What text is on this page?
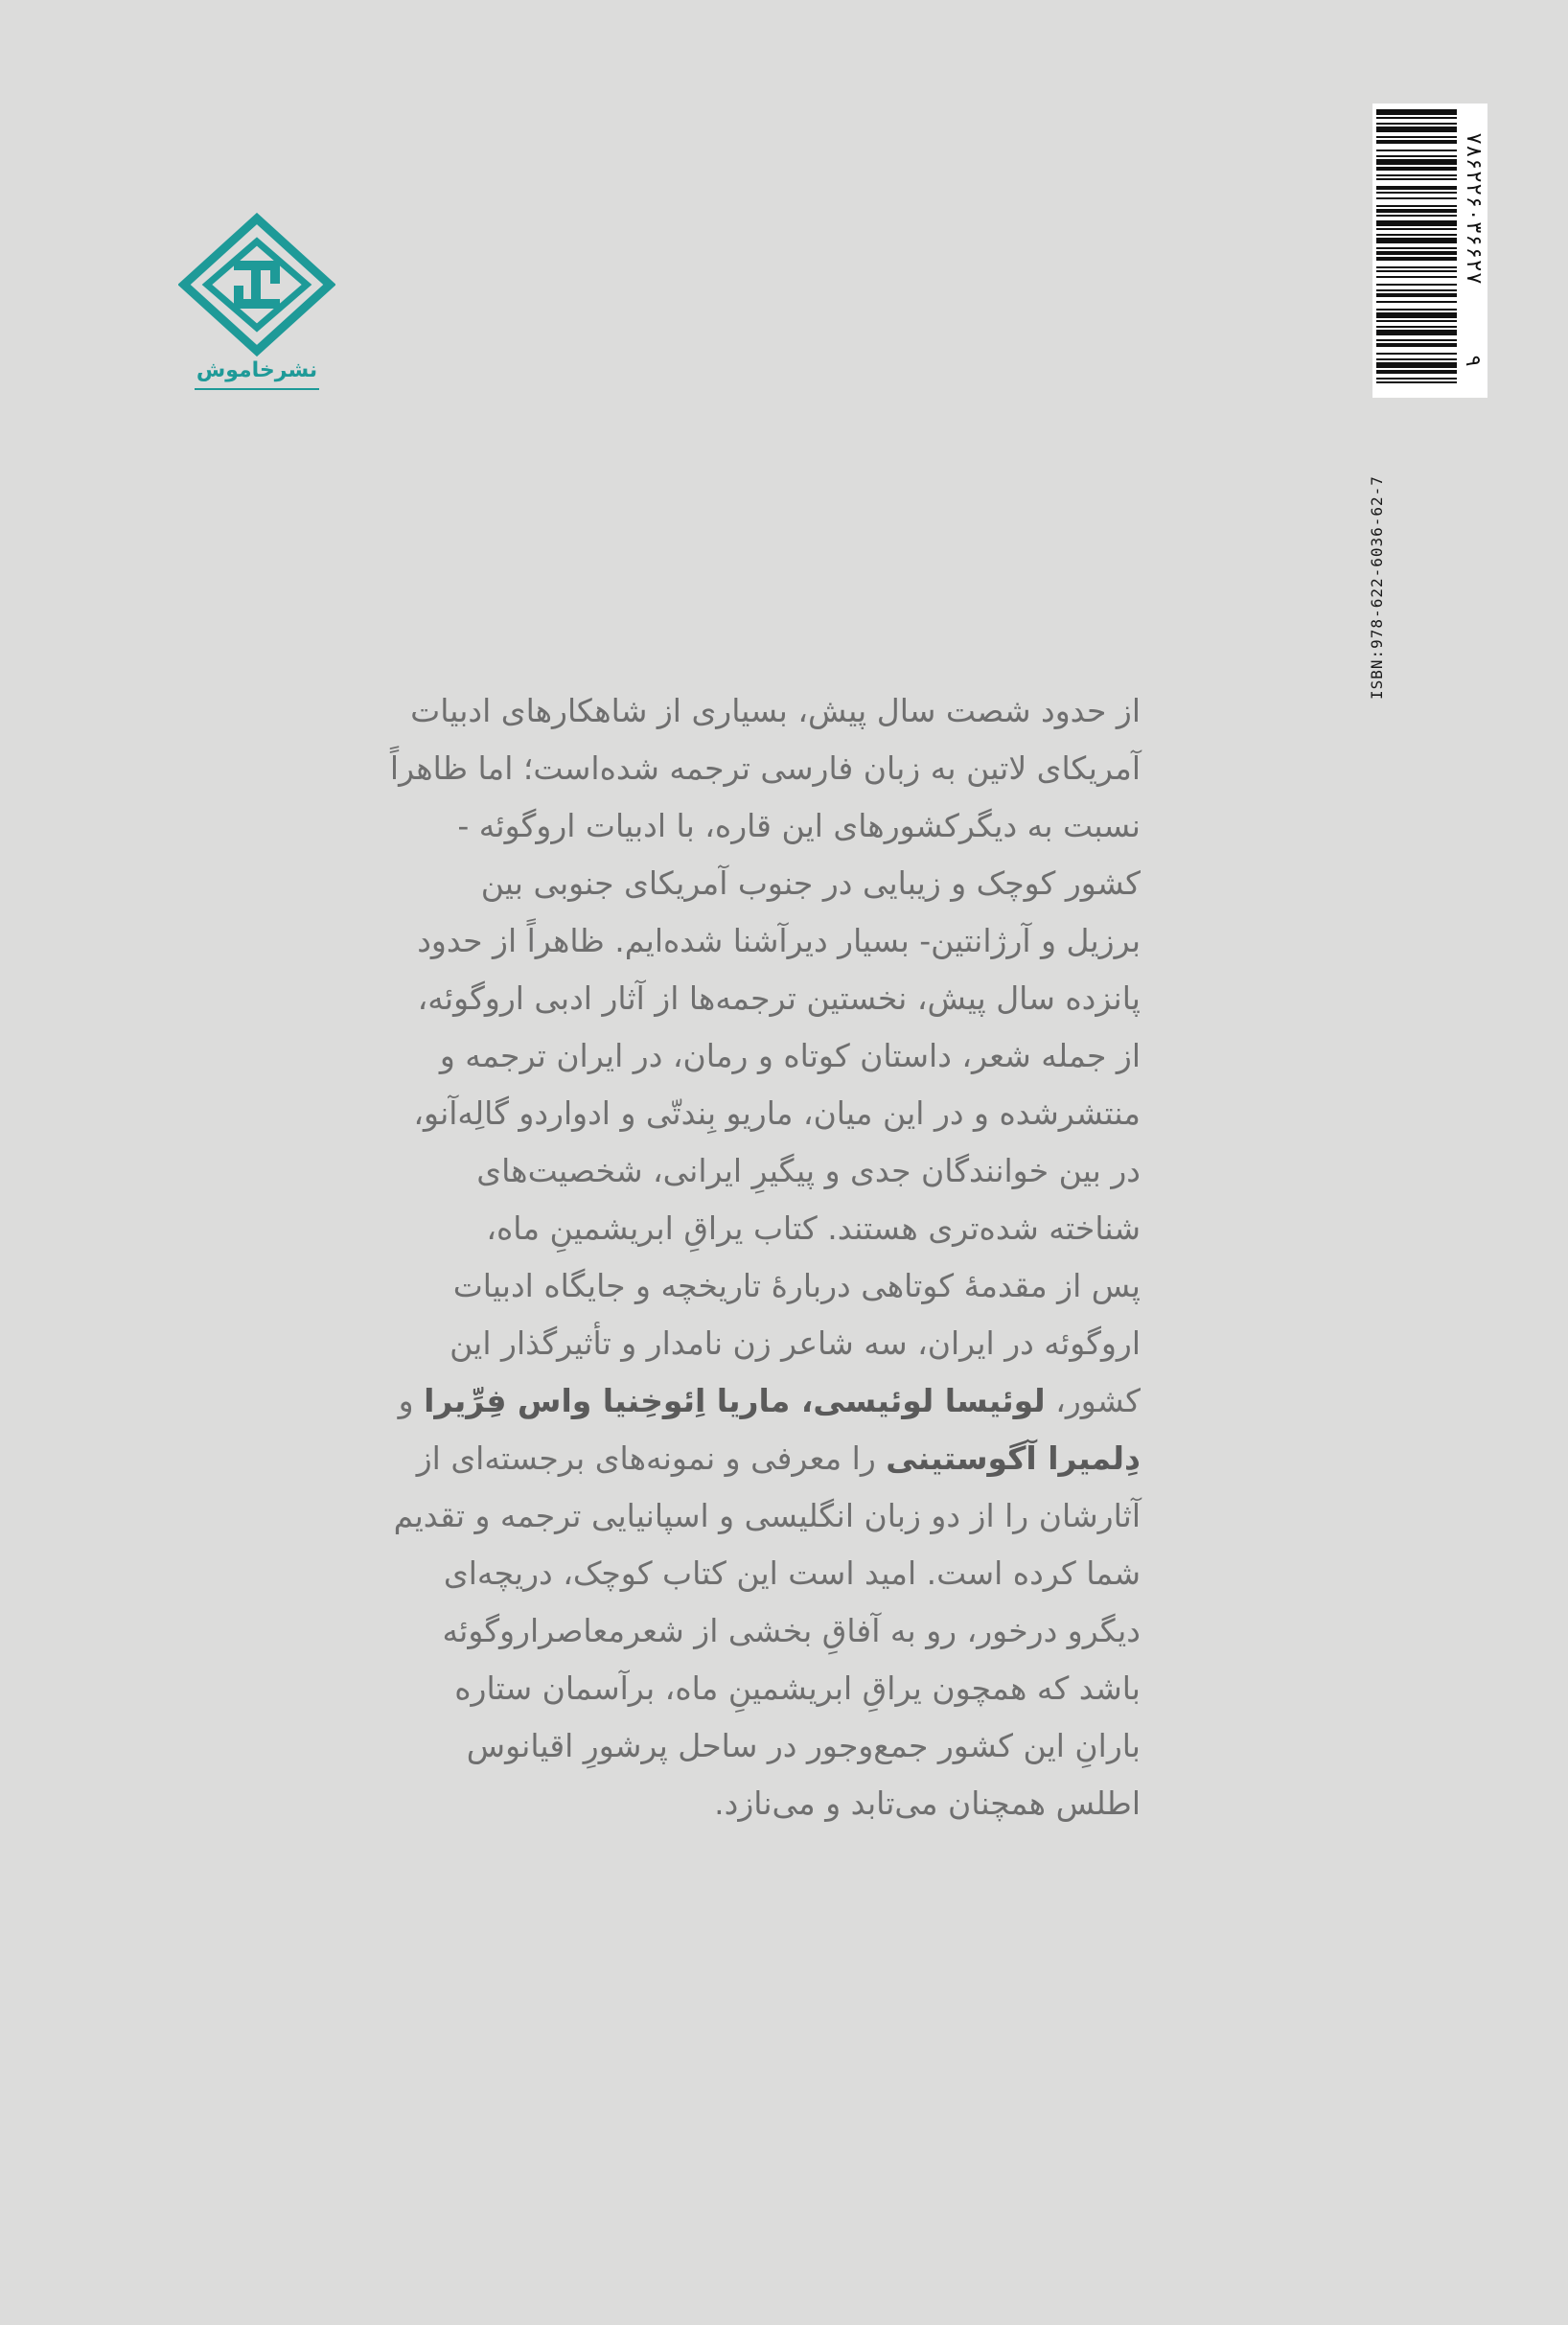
نشرخاموش
۷۸۶۲۲۶۰۳۶۶۲۷
۹
ISBN:978-622-6036-62-7
از حدود شصت سال پیش، بسیاری از شاهکارهای ادبیات
آمریکای لاتین به زبان فارسی ترجمه شده‌است؛ اما ظاهراً
نسبت به دیگرکشورهای این قاره، با ادبیات اروگوئه -
کشور کوچک و زیبایی در جنوب آمریکای جنوبی بین
برزیل و آرژانتین- بسیار دیرآشنا شده‌ایم. ظاهراً از حدود
پانزده سال پیش، نخستین ترجمه‌ها از آثار ادبی اروگوئه،
از جمله شعر، داستان کوتاه و رمان، در ایران ترجمه و
منتشرشده و در این میان، ماریو بِندتّی و ادواردو گالِه‌آنو،
در بین خوانندگان جدی و پیگیرِ ایرانی، شخصیت‌های
شناخته شده‌تری هستند. کتاب یراقِ ابریشمینِ ماه،
پس از مقدمهٔ کوتاهی دربارهٔ تاریخچه و جایگاه ادبیات
اروگوئه در ایران، سه شاعر زن نامدار و تأثیرگذار این
کشور، لوئیسا لوئیسی، ماریا اِئوخِنیا واس فِرِّیرا و
دِلمیرا آگوستینی را معرفی و نمونه‌های برجسته‌ای از
آثارشان را از دو زبان انگلیسی و اسپانیایی ترجمه و تقدیم
شما کرده است. امید است این کتاب کوچک، دریچه‌ای
دیگرو درخور، رو به آفاقِ بخشی از شعرمعاصراروگوئه
باشد که همچون یراقِ ابریشمینِ ماه، برآسمان ستاره
بارانِ این کشور جمع‌وجور در ساحل پرشورِ اقیانوس
اطلس همچنان می‌تابد و می‌نازد.
